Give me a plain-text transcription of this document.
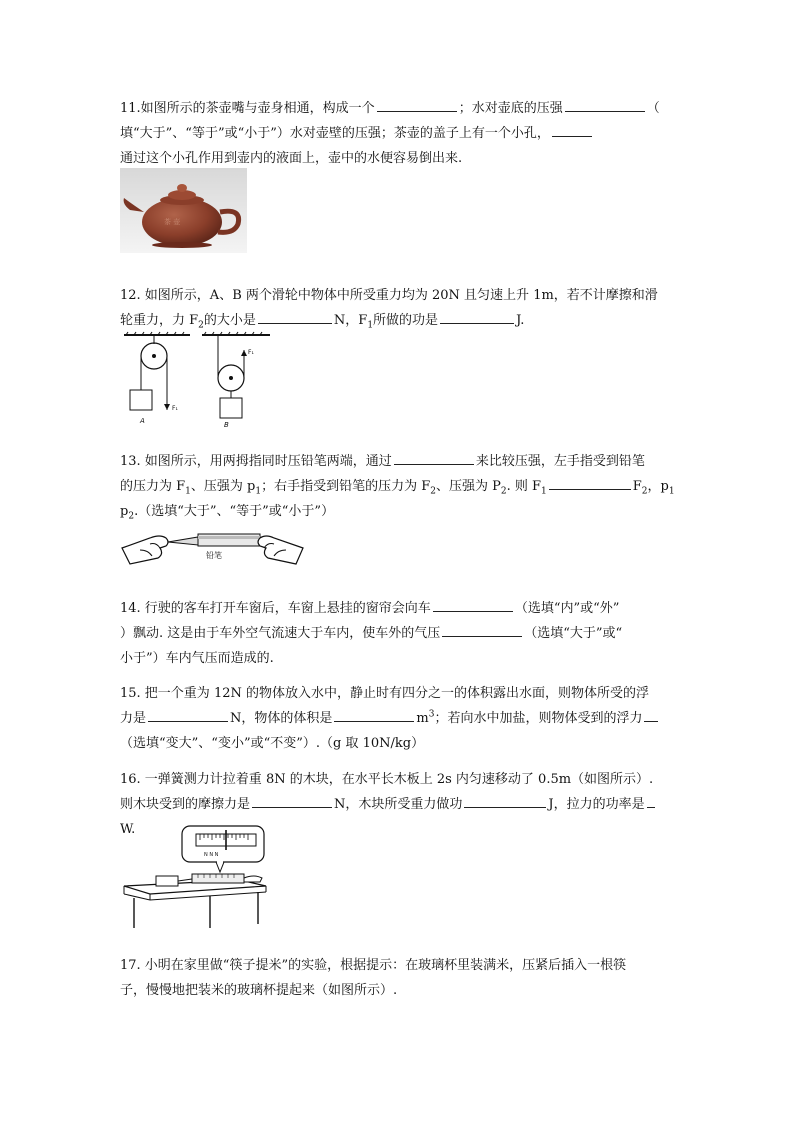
11.如图所示的茶壶嘴与壶身相通，构成一个	；水对壶底的压强	（
填“大于”、“等于”或“小于”）水对壶壁的压强；茶壶的盖子上有一个小孔，
通过这个小孔作用到壶内的液面上，壶中的水便容易倒出来.
茶 壶
12. 如图所示，A、B 两个滑轮中物体中所受重力均为 20N 且匀速上升 1m，若不计摩擦和滑
轮重力，力 $F_2$的大小是	N，$F_1$所做的功是	J.
F₁
A
F₁
B
13. 如图所示，用两拇指同时压铅笔两端，通过	来比较压强，左手指受到铅笔
的压力为 $F_1$、压强为 $p_1$；右手指受到铅笔的压力为 $F_2$、压强为 $P_2$. 则 $F_1$	$F_2$，$p_1$
$p_2$.（选填“大于”、“等于”或“小于”）
铅笔
14. 行驶的客车打开车窗后，车窗上悬挂的窗帘会向车	（选填“内”或“外”
）飘动. 这是由于车外空气流速大于车内，使车外的气压	（选填“大于”或“
小于”）车内气压而造成的.
15. 把一个重为 12N 的物体放入水中，静止时有四分之一的体积露出水面，则物体所受的浮
力是	N，物体的体积是	$m^3$；若向水中加盐，则物体受到的浮力
（选填“变大”、“变小”或“不变”）.（g 取 10N/kg）
16. 一弹簧测力计拉着重 8N 的木块，在水平长木板上 2s 内匀速移动了 0.5m（如图所示）.
则木块受到的摩擦力是	N，木块所受重力做功	J，拉力的功率是
W.
N N N
17. 小明在家里做“筷子提米”的实验，根据提示：在玻璃杯里装满米，压紧后插入一根筷
子，慢慢地把装米的玻璃杯提起来（如图所示）.
